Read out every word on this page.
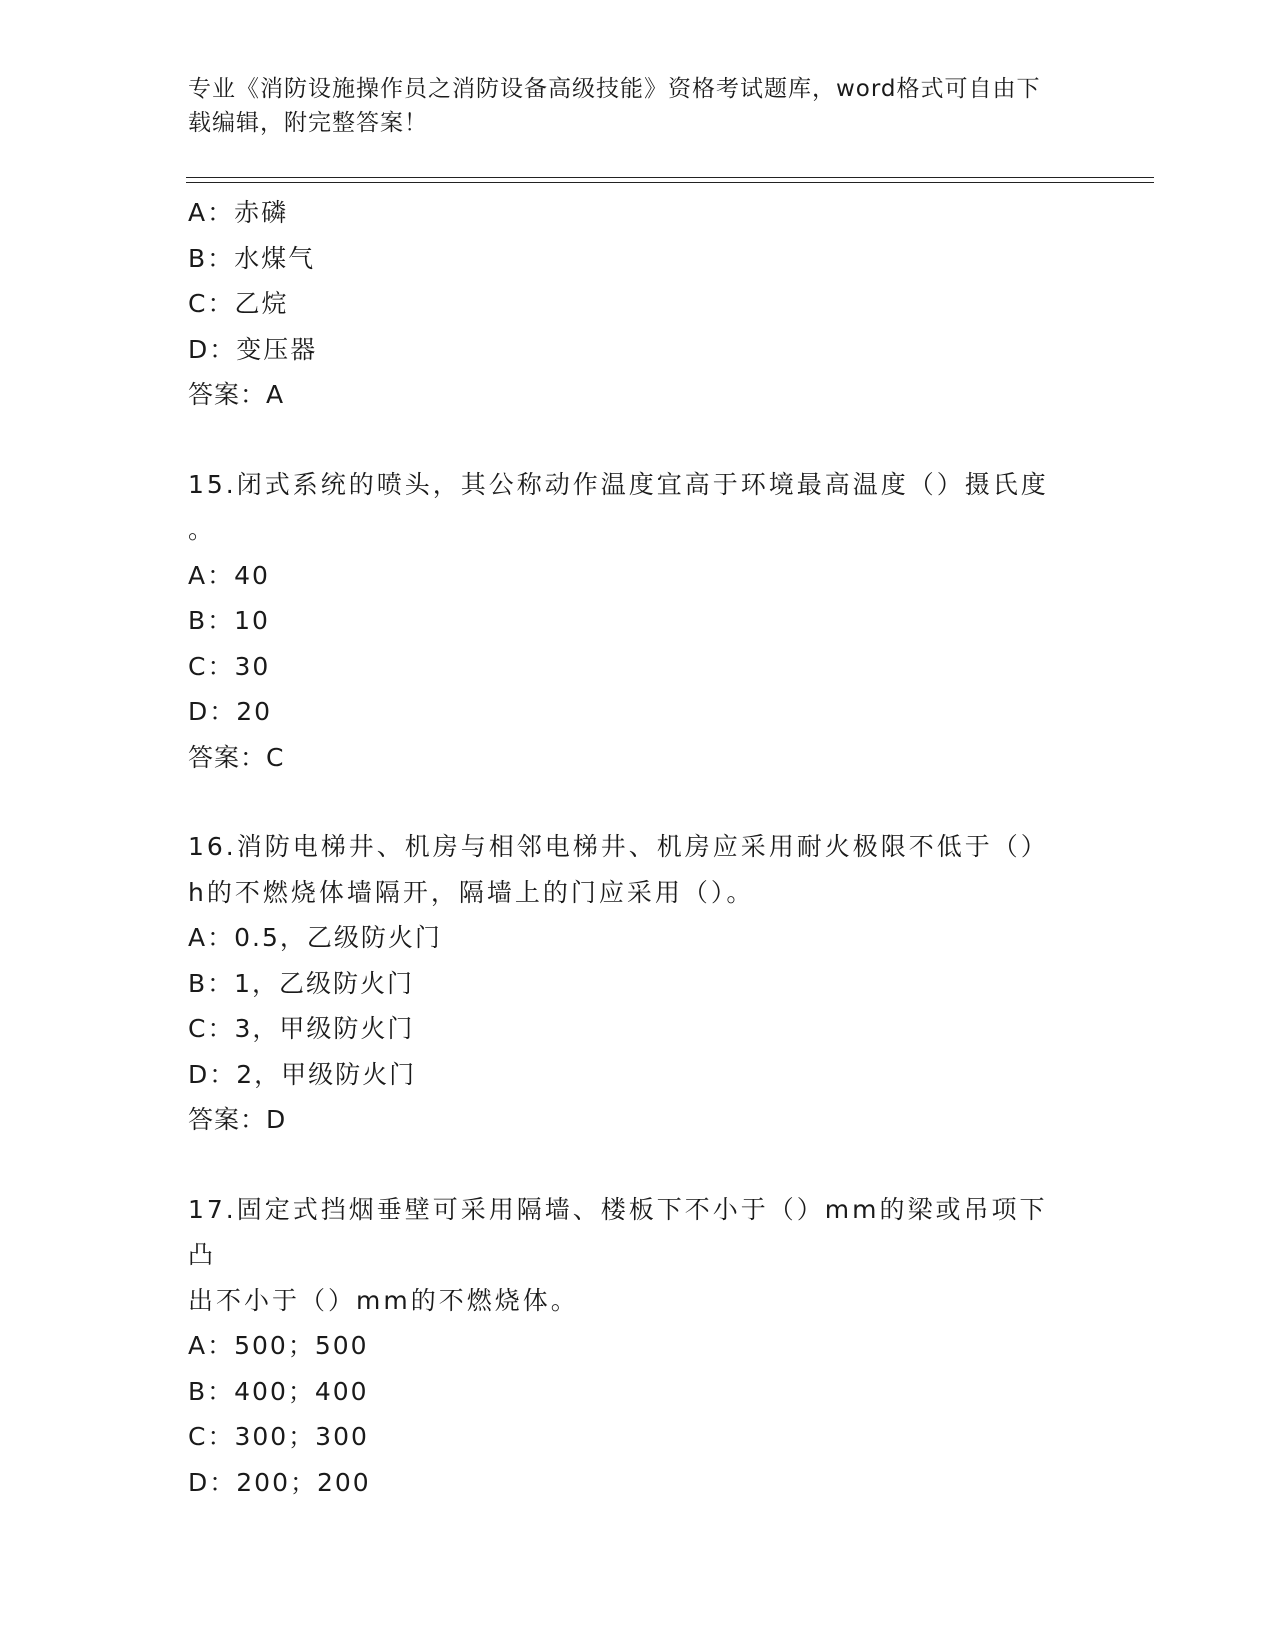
专业《消防设施操作员之消防设备高级技能》资格考试题库，word格式可自由下
载编辑，附完整答案！
A：赤磷
B：水煤气
C：乙烷
D：变压器
答案：A
15.闭式系统的喷头，其公称动作温度宜高于环境最高温度（）摄氏度
。
A：40
B：10
C：30
D：20
答案：C
16.消防电梯井、机房与相邻电梯井、机房应采用耐火极限不低于（）
h的不燃烧体墙隔开，隔墙上的门应采用（）。
A：0.5，乙级防火门
B：1，乙级防火门
C：3，甲级防火门
D：2，甲级防火门
答案：D
17.固定式挡烟垂壁可采用隔墙、楼板下不小于（）mm的梁或吊项下凸
出不小于（）mm的不燃烧体。
A：500；500
B：400；400
C：300；300
D：200；200
